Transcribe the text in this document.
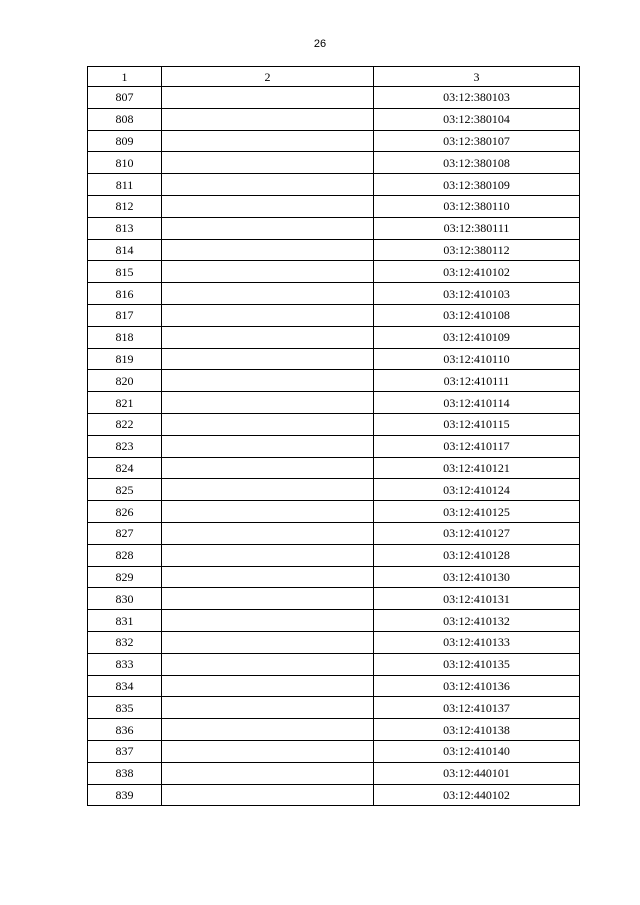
26
1	2	3
807		03:12:380103
808		03:12:380104
809		03:12:380107
810		03:12:380108
811		03:12:380109
812		03:12:380110
813		03:12:380111
814		03:12:380112
815		03:12:410102
816		03:12:410103
817		03:12:410108
818		03:12:410109
819		03:12:410110
820		03:12:410111
821		03:12:410114
822		03:12:410115
823		03:12:410117
824		03:12:410121
825		03:12:410124
826		03:12:410125
827		03:12:410127
828		03:12:410128
829		03:12:410130
830		03:12:410131
831		03:12:410132
832		03:12:410133
833		03:12:410135
834		03:12:410136
835		03:12:410137
836		03:12:410138
837		03:12:410140
838		03:12:440101
839		03:12:440102
